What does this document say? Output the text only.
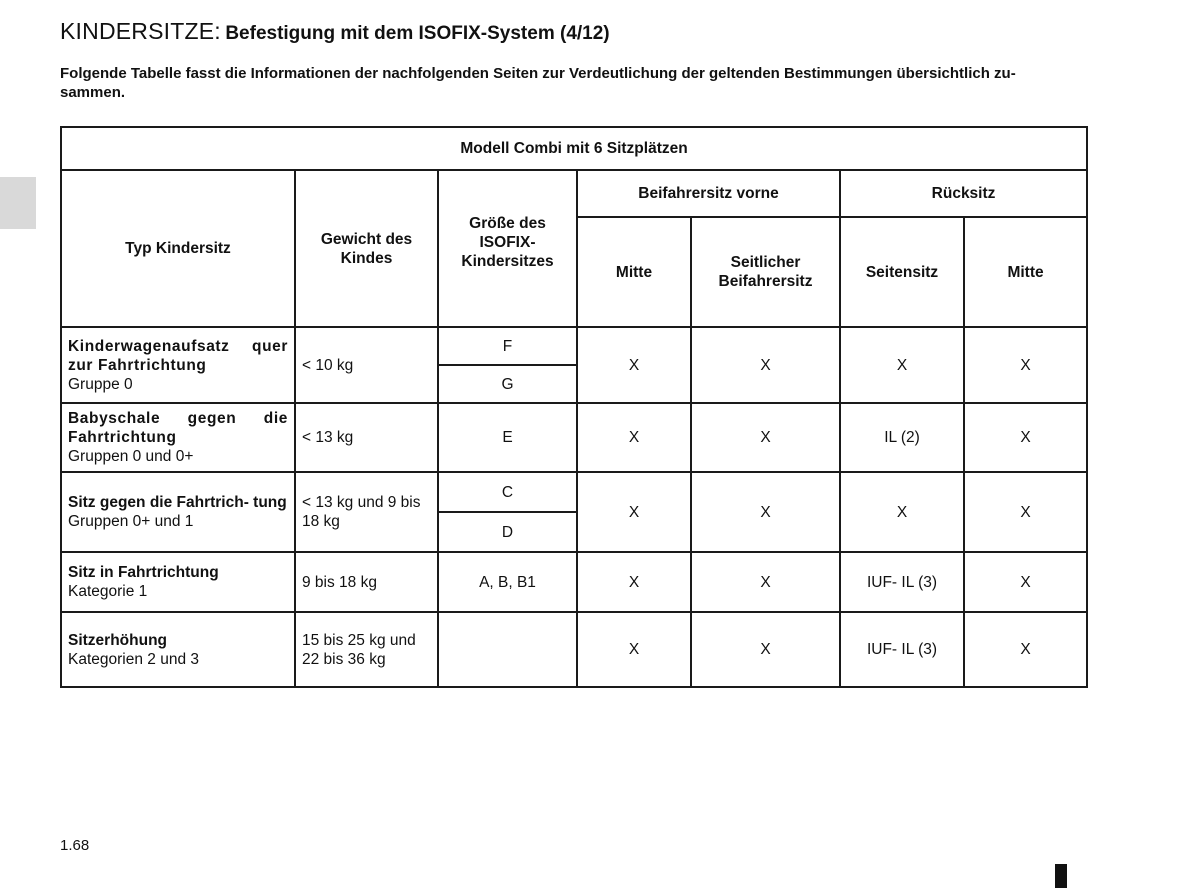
KINDERSITZE: Befestigung mit dem ISOFIX-System (4/12)
Folgende Tabelle fasst die Informationen der nachfolgenden Seiten zur Verdeutlichung der geltenden Bestimmungen übersichtlich zu-
sammen.
Modell Combi mit 6 Sitzplätzen						
Typ Kindersitz	Gewicht des
Kindes	Größe des
ISOFIX-
Kindersitzes	Beifahrersitz vorne		Rücksitz	
			Mitte	Seitlicher
Beifahrersitz	Seitensitz	Mitte

Kinderwagenaufsatz quer zur Fahrtrichtung
Gruppe 0	< 10 kg	F	X	X	X	X
		G				

Babyschale gegen die Fahrtrichtung
Gruppen 0 und 0+	< 13 kg	E	X	X	IL (2)	X

Sitz gegen die Fahrtrich- tung
Gruppen 0+ und 1	< 13 kg und 9 bis 18 kg	C	X	X	X	X
		D				

Sitz in Fahrtrichtung
Kategorie 1	9 bis 18 kg	A, B, B1	X	X	IUF- IL (3)	X

Sitzerhöhung
Kategorien 2 und 3	15 bis 25 kg und 22 bis 36 kg		X	X	IUF- IL (3)	X
1.68
